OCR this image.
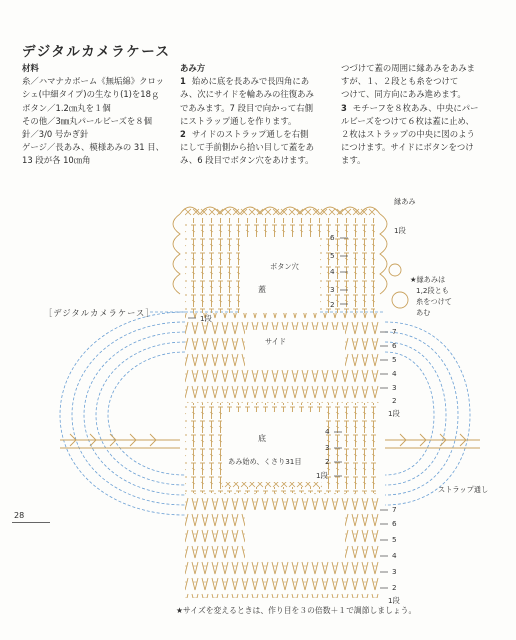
デジタルカメラケース
材料

糸／ハマナカボーム《無垢綿》クロッ

シェ(中細タイプ)の生なり(1)を18ｇ

ボタン／1.2㎝丸を１個

その他／3㎜丸パールビーズを８個

針／3/0 号かぎ針

ゲージ／長あみ、模様あみの 31 目、

13 段が各 10㎝角

あみ方

1 始めに底を長あみで長四角にあ

み、次にサイドを輪あみの往復あみ

であみます。7 段目で向かって右側

にストラップ通しを作ります。

2 サイドのストラップ通しを右側

にして手前側から拾い目して蓋をあ

み、6 段目でボタン穴をあけます。

つづけて蓋の周囲に縁あみをあみま

すが、１、２段とも糸をつけて

つけて、同方向にあみ進めます。

3 モチーフを８枚あみ、中央にパー

ルビーズをつけて６枚は蓋に止め、

２枚はストラップの中央に図のよう

につけます。サイドにボタンをつけ

ます。

［デジタルカメラケース］
縁あみ
ボタン穴
蓋
サイド
底
あみ始め、くさり31目
ストラップ通し
★縁あみは
1,2段とも
糸をつけて
あむ
1段
6
5
4
3
2
1段
7
6
5
4
3
2
1段
4
3
2
1段
7
6
5
4
3
2
1段
★サイズを変えるときは、作り目を３の倍数＋１で調節しましょう。
28
